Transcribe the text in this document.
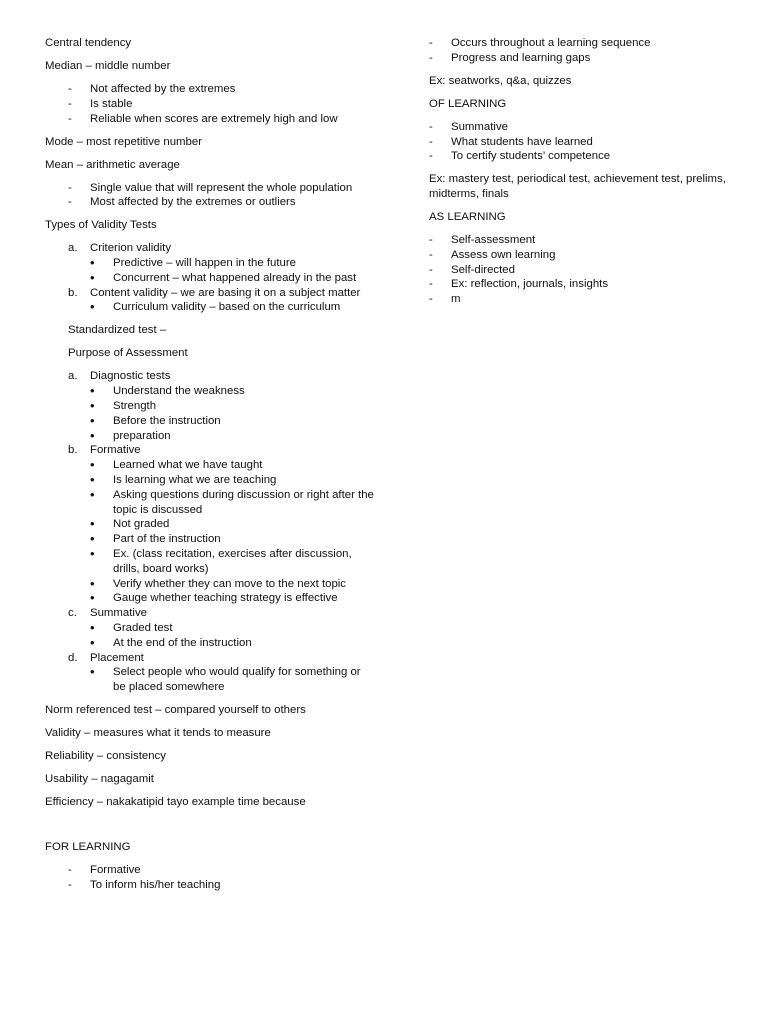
Central tendency

Median – middle number

- Not affected by the extremes
- Is stable
- Reliable when scores are extremely high and low

Mode – most repetitive number

Mean – arithmetic average

- Single value that will represent the whole population
- Most affected by the extremes or outliers

Types of Validity Tests

a. Criterion validity
• Predictive – will happen in the future
• Concurrent – what happened already in the past
b. Content validity – we are basing it on a subject matter
• Curriculum validity – based on the curriculum

Standardized test –

Purpose of Assessment

a. Diagnostic tests
• Understand the weakness
• Strength
• Before the instruction
• preparation
b. Formative
• Learned what we have taught
• Is learning what we are teaching
• Asking questions during discussion or right after the topic is discussed
• Not graded
• Part of the instruction
• Ex. (class recitation, exercises after discussion, drills, board works)
• Verify whether they can move to the next topic
• Gauge whether teaching strategy is effective
c. Summative
• Graded test
• At the end of the instruction
d. Placement
• Select people who would qualify for something or be placed somewhere

Norm referenced test – compared yourself to others

Validity – measures what it tends to measure

Reliability – consistency

Usability – nagagamit

Efficiency – nakakatipid tayo example time because

FOR LEARNING

- Formative
- To inform his/her teaching
- Occurs throughout a learning sequence
- Progress and learning gaps

Ex: seatworks, q&a, quizzes

OF LEARNING

- Summative
- What students have learned
- To certify students’ competence

Ex: mastery test, periodical test, achievement test, prelims, midterms, finals

AS LEARNING

- Self-assessment
- Assess own learning
- Self-directed
- Ex: reflection, journals, insights
- m
